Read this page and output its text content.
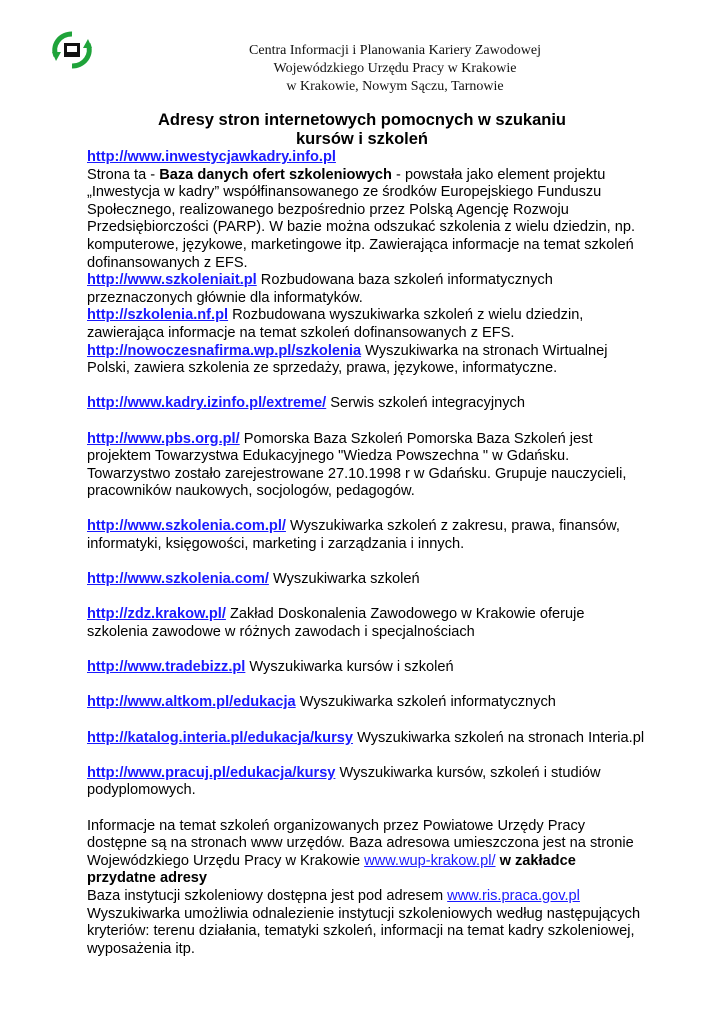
Centra Informacji i Planowania Kariery Zawodowej
Wojewódzkiego Urzędu Pracy w Krakowie
w Krakowie, Nowym Sączu, Tarnowie
Adresy stron internetowych pomocnych w szukaniu
kursów i szkoleń

http://www.inwestycjawkadry.info.pl
Strona ta - Baza danych ofert szkoleniowych - powstała jako element projektu „Inwestycja w kadry” współfinansowanego ze środków Europejskiego Funduszu Społecznego, realizowanego bezpośrednio przez Polską Agencję Rozwoju Przedsiębiorczości (PARP). W bazie można odszukać szkolenia z wielu dziedzin, np. komputerowe, językowe, marketingowe itp. Zawierająca informacje na temat szkoleń dofinansowanych z EFS.

http://www.szkoleniait.pl Rozbudowana baza szkoleń informatycznych przeznaczonych głównie dla informatyków.

http://szkolenia.nf.pl Rozbudowana wyszukiwarka szkoleń z wielu dziedzin, zawierająca informacje na temat szkoleń dofinansowanych z EFS.

http://nowoczesnafirma.wp.pl/szkolenia Wyszukiwarka na stronach Wirtualnej Polski, zawiera szkolenia ze sprzedaży, prawa, językowe, informatyczne.

http://www.kadry.izinfo.pl/extreme/ Serwis szkoleń integracyjnych

http://www.pbs.org.pl/ Pomorska Baza Szkoleń Pomorska Baza Szkoleń jest projektem Towarzystwa Edukacyjnego "Wiedza Powszechna " w Gdańsku. Towarzystwo zostało zarejestrowane 27.10.1998 r w Gdańsku. Grupuje nauczycieli, pracowników naukowych, socjologów, pedagogów.

http://www.szkolenia.com.pl/ Wyszukiwarka szkoleń z zakresu, prawa, finansów, informatyki, księgowości, marketing i zarządzania i innych.

http://www.szkolenia.com/ Wyszukiwarka szkoleń

http://zdz.krakow.pl/ Zakład Doskonalenia Zawodowego w Krakowie oferuje szkolenia zawodowe w różnych zawodach i specjalnościach

http://www.tradebizz.pl Wyszukiwarka kursów i szkoleń

http://www.altkom.pl/edukacja Wyszukiwarka szkoleń informatycznych

http://katalog.interia.pl/edukacja/kursy Wyszukiwarka szkoleń na stronach Interia.pl

http://www.pracuj.pl/edukacja/kursy Wyszukiwarka kursów, szkoleń i studiów podyplomowych.

Informacje na temat szkoleń organizowanych przez Powiatowe Urzędy Pracy dostępne są na stronach www urzędów. Baza adresowa umieszczona jest na stronie Wojewódzkiego Urzędu Pracy w Krakowie www.wup-krakow.pl/ w zakładce przydatne adresy

Baza instytucji szkoleniowy dostępna jest pod adresem www.ris.praca.gov.pl Wyszukiwarka umożliwia odnalezienie instytucji szkoleniowych według następujących kryteriów: terenu działania, tematyki szkoleń, informacji na temat kadry szkoleniowej, wyposażenia itp.
